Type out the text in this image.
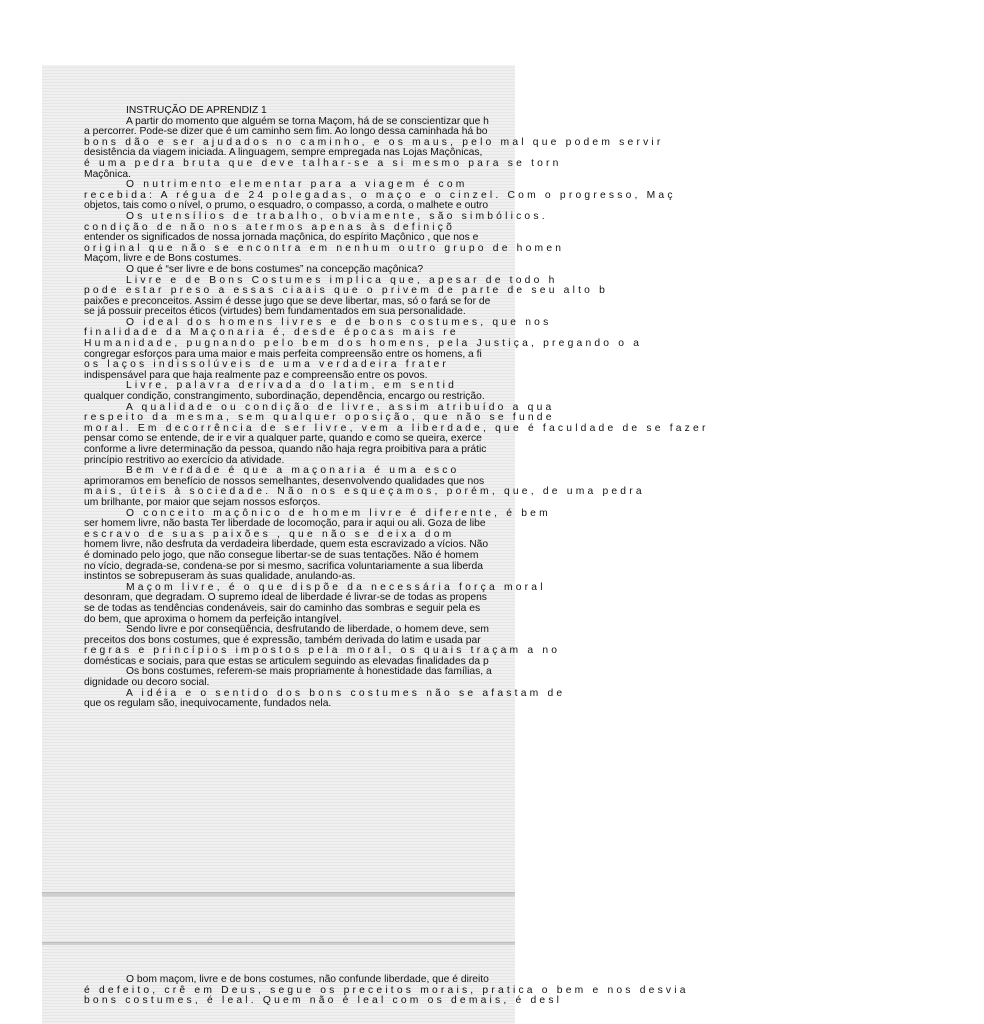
INSTRUÇÃO DE APRENDIZ 1
A partir do momento que alguém se torna Maçom, há de se conscientizar que h
a percorrer. Pode-se dizer que é um caminho sem fim. Ao longo dessa caminhada há bo
bons dão e ser ajudados no caminho, e os maus, pelo mal que podem servir
desistência da viagem iniciada. A linguagem, sempre empregada nas Lojas Maçônicas,
é uma pedra bruta que deve talhar-se a si mesmo para se torn
Maçônica.
O nutrimento elementar para a viagem é com
recebida: A régua de 24 polegadas, o maço e o cinzel. Com o progresso, Maç
objetos, tais como o nível, o prumo, o esquadro, o compasso, a corda, o malhete e outro
Os utensílios de trabalho, obviamente, são simbólicos.
condição de não nos atermos apenas às definiçõ
entender os significados de nossa jornada maçônica, do espírito Maçônico , que nos e
original que não se encontra em nenhum outro grupo de homen
Maçom, livre e de Bons costumes.
O que é “ser livre e de bons costumes” na concepção maçônica?
Livre e de Bons Costumes implica que, apesar de todo h
pode estar preso a essas ciaais que o privem de parte de seu alto b
paixões e preconceitos. Assim é desse jugo que se deve libertar, mas, só o fará se for de
se já possuir preceitos éticos (virtudes) bem fundamentados em sua personalidade.
O ideal dos homens livres e de bons costumes, que nos
finalidade da Maçonaria é, desde épocas mais re
Humanidade, pugnando pelo bem dos homens, pela Justiça, pregando o a
congregar esforços para uma maior e mais perfeita compreensão entre os homens, a fi
os laços indissolúveis de uma verdadeira frater
indispensável para que haja realmente paz e compreensão entre os povos.
Livre, palavra derivada do latim, em sentid
qualquer condição, constrangimento, subordinação, dependência, encargo ou restrição.
A qualidade ou condição de livre, assim atribuído a qua
respeito da mesma, sem qualquer oposição, que não se funde
moral. Em decorrência de ser livre, vem a liberdade, que é faculdade de se fazer
pensar como se entende, de ir e vir a qualquer parte, quando e como se queira, exerce
conforme a livre determinação da pessoa, quando não haja regra proibitiva para a prátic
princípio restritivo ao exercício da atividade.
Bem verdade é que a maçonaria é uma esco
aprimoramos em benefício de nossos semelhantes, desenvolvendo qualidades que nos
mais, úteis à sociedade. Não nos esqueçamos, porém, que, de uma pedra
um brilhante, por maior que sejam nossos esforços.
O conceito maçônico de homem livre é diferente, é bem
ser homem livre, não basta Ter liberdade de locomoção, para ir aqui ou ali. Goza de libe
escravo de suas paixões , que não se deixa dom
homem livre, não desfruta da verdadeira liberdade, quem esta escravizado a vícios. Não
é dominado pelo jogo, que não consegue libertar-se de suas tentações. Não é homem
no vício, degrada-se, condena-se por si mesmo, sacrifica voluntariamente a sua liberda
instintos se sobrepuseram às suas qualidade, anulando-as.
Maçom livre, é o que dispõe da necessária força moral
desonram, que degradam. O supremo ideal de liberdade é livrar-se de todas as propens
se de todas as tendências condenáveis, sair do caminho das sombras e seguir pela es
do bem, que aproxima o homem da perfeição intangível.
Sendo livre e por conseqüência, desfrutando de liberdade, o homem deve, sem
preceitos dos bons costumes, que é expressão, também derivada do latim e usada par
regras e princípios impostos pela moral, os quais traçam a no
domésticas e sociais, para que estas se articulem seguindo as elevadas finalidades da p
Os bons costumes, referem-se mais propriamente à honestidade das famílias, a
dignidade ou decoro social.
A idéia e o sentido dos bons costumes não se afastam de
que os regulam são, inequivocamente, fundados nela.
O bom maçom, livre e de bons costumes, não confunde liberdade, que é direito
é defeito, crê em Deus, segue os preceitos morais, pratica o bem e nos desvia
bons costumes, é leal. Quem não é leal com os demais, é desl
